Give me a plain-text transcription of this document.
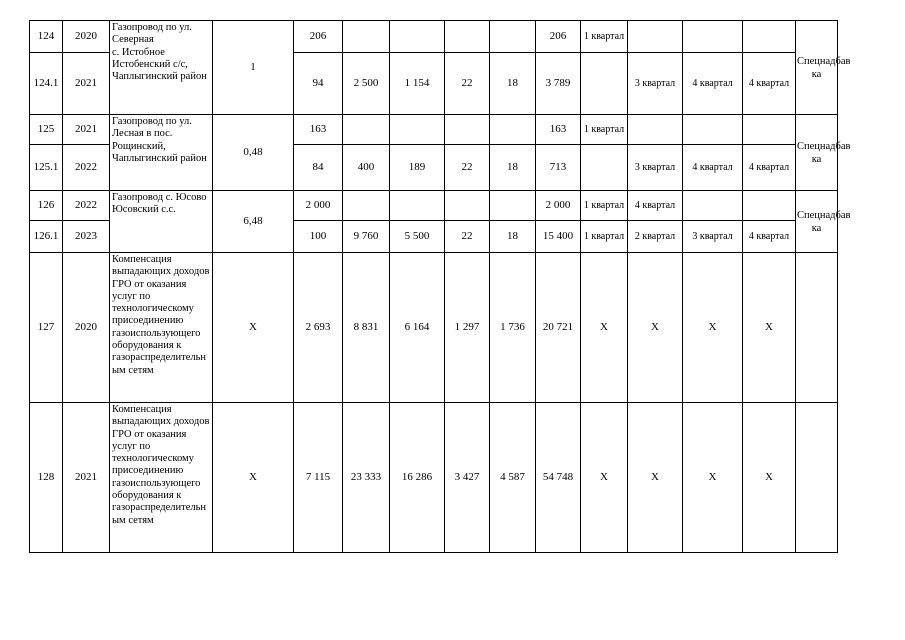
124	2020	Газопровод по ул. Северная
с. Истобное Истобенский с/с, Чаплыгинский район	1	206					206	1 квартал				Спецнадбав ка
124.1	2021			94	2 500	1 154	22	18	3 789		3 квартал	4 квартал	4 квартал	
125	2021	Газопровод по ул. Лесная в пос. Рощинский, Чаплыгинский район	0,48	163					163	1 квартал				Спецнадбав ка
125.1	2022			84	400	189	22	18	713		3 квартал	4 квартал	4 квартал	
126	2022	Газопровод с. Юсово Юсовский с.с.	6,48	2 000					2 000	1 квартал	4 квартал			Спецнадбав ка
126.1	2023			100	9 760	5 500	22	18	15 400	1 квартал	2 квартал	3 квартал	4 квартал	
127	2020	Компенсация выпадающих доходов ГРО от оказания услуг по технологическому присоединению газоиспользующего оборудования к газораспределительн ым сетям	X	2 693	8 831	6 164	1 297	1 736	20 721	X	X	X	X	
128	2021	Компенсация выпадающих доходов ГРО от оказания услуг по технологическому присоединению газоиспользующего оборудования к газораспределительн ым сетям	X	7 115	23 333	16 286	3 427	4 587	54 748	X	X	X	X	
